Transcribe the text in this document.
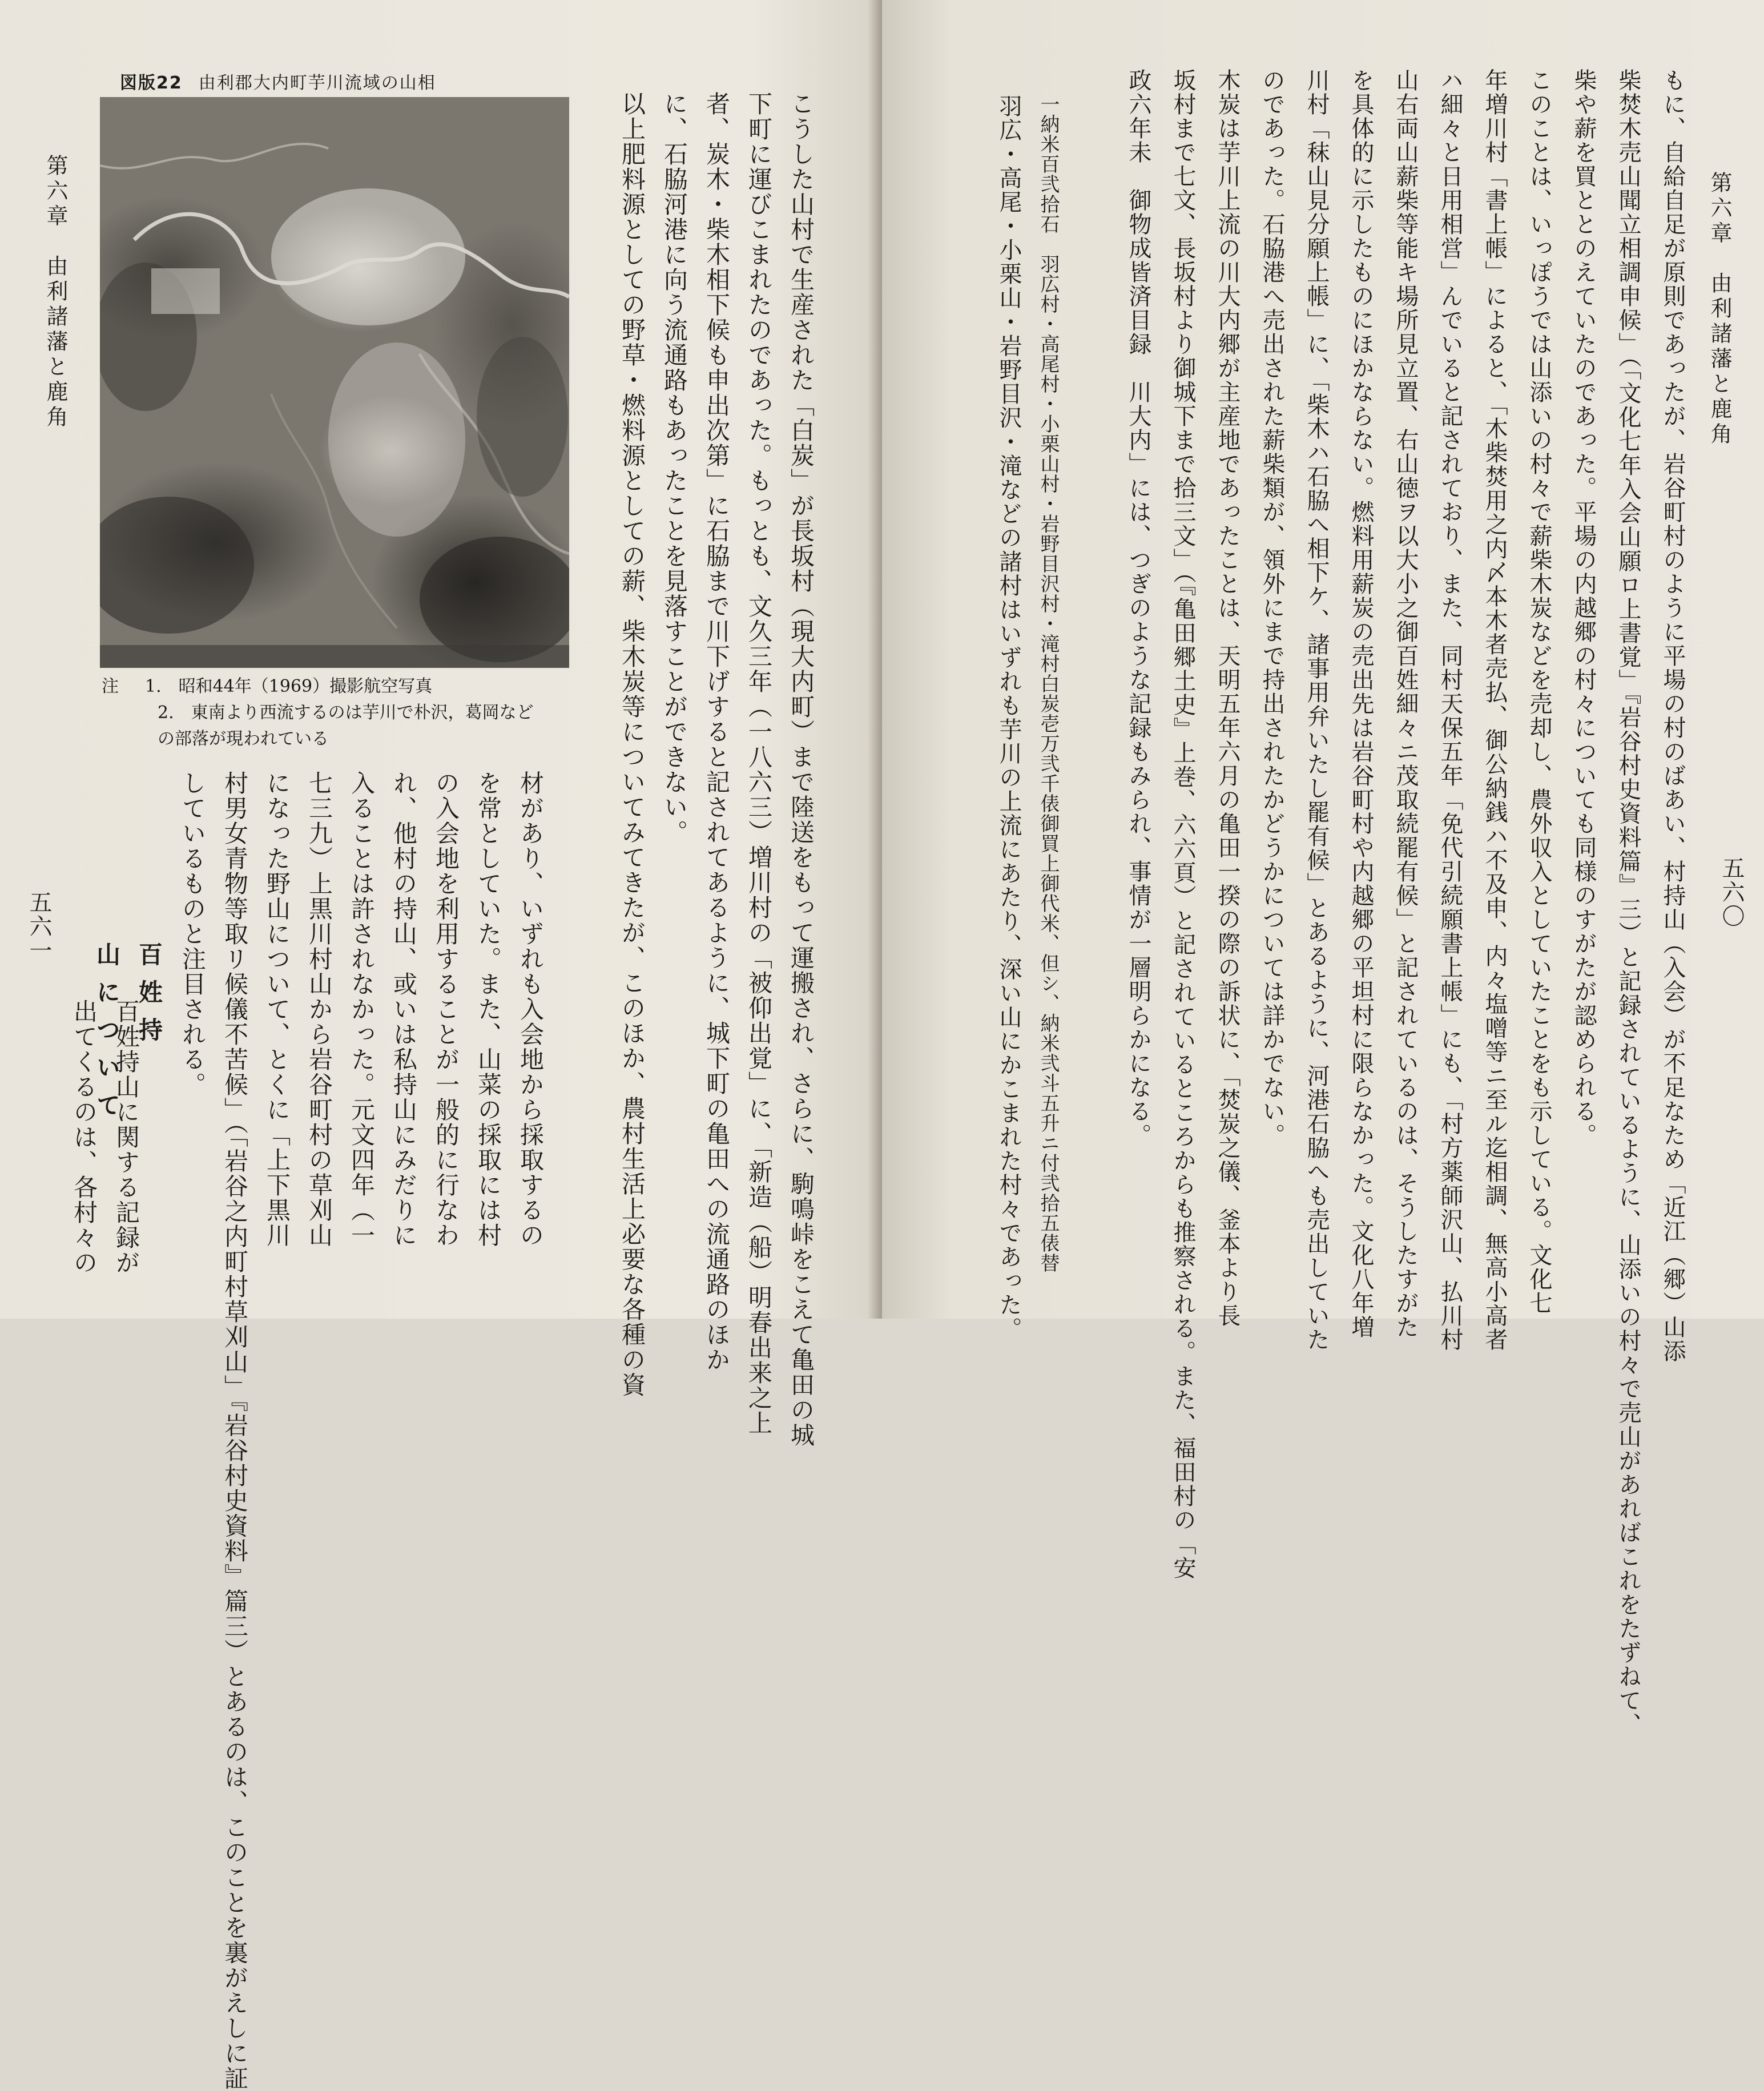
第六章　由利諸藩と鹿角
五六一
図版22 由利郡大内町芋川流域の山相
注 1.　昭和44年（1969）撮影航空写真
2.　東南より西流するのは芋川で朴沢，葛岡など
の部落が現われている	こうした山村で生産された「白炭」が長坂村（現大内町）まで陸送をもって運搬され、さらに、駒鳴峠をこえて亀田の城
下町に運びこまれたのであった。もっとも、文久三年（一八六三）増川村の「被仰出覚」に、「新造（船）明春出来之上
者、炭木・柴木相下候も申出次第」に石脇まで川下げすると記されてあるように、城下町の亀田への流通路のほか
に、石脇河港に向う流通路もあったことを見落すことができない。
以上肥料源としての野草・燃料源としての薪、柴木炭等についてみてきたが、このほか、農村生活上必要な各種の資
材があり、いずれも入会地から採取するの
を常としていた。また、山菜の採取には村
の入会地を利用することが一般的に行なわ
れ、他村の持山、或いは私持山にみだりに
入ることは許されなかった。元文四年（一
七三九）上黒川村山から岩谷町村の草刈山
になった野山について、とくに「上下黒川
村男女青物等取リ候儀不苦候」（「岩谷之内町村草刈山」『岩谷村史資料』篇三）とあるのは、このことを裏がえしに証
しているものと注目される。
百姓持
山について
百姓持山に関する記録が
出てくるのは、各村々の
第六章　由利諸藩と鹿角
五六〇
もに、自給自足が原則であったが、岩谷町村のように平場の村のばあい、村持山（入会）が不足なため「近江（郷）山添
柴焚木売山聞立相調申候」（「文化七年入会山願ロ上書覚」『岩谷村史資料篇』三）と記録されているように、山添いの村々で売山があればこれをたずねて、
柴や薪を買ととのえていたのであった。平場の内越郷の村々についても同様のすがたが認められる。
このことは、いっぽうでは山添いの村々で薪柴木炭などを売却し、農外収入としていたことをも示している。文化七
年増川村「書上帳」によると、「木柴焚用之内〆本木者売払、御公納銭ハ不及申、内々塩噌等ニ至ル迄相調、無高小高者
ハ細々と日用相営」んでいると記されており、また、同村天保五年「免代引続願書上帳」にも、「村方薬師沢山、払川村
山右両山薪柴等能キ場所見立置、右山徳ヲ以大小之御百姓細々ニ茂取続罷有候」と記されているのは、そうしたすがた
を具体的に示したものにほかならない。燃料用薪炭の売出先は岩谷町村や内越郷の平坦村に限らなかった。文化八年増
川村「秣山見分願上帳」に、「柴木ハ石脇へ相下ケ、諸事用弁いたし罷有候」とあるように、河港石脇へも売出していた
のであった。石脇港へ売出された薪柴類が、領外にまで持出されたかどうかについては詳かでない。
木炭は芋川上流の川大内郷が主産地であったことは、天明五年六月の亀田一揆の際の訴状に、「焚炭之儀、釜本より長
坂村まで七文、長坂村より御城下まで拾三文」（『亀田郷土史』上巻、六六頁）と記されているところからも推察される。また、福田村の「安
政六年未　御物成皆済目録　川大内」には、つぎのような記録もみられ、事情が一層明らかになる。
一納米百弐拾石　羽広村・高尾村・小栗山村・岩野目沢村・滝村白炭壱万弐千俵御買上御代米、但シ、納米弐斗五升ニ付弐拾五俵替
羽広・高尾・小栗山・岩野目沢・滝などの諸村はいずれも芋川の上流にあたり、深い山にかこまれた村々であった。
